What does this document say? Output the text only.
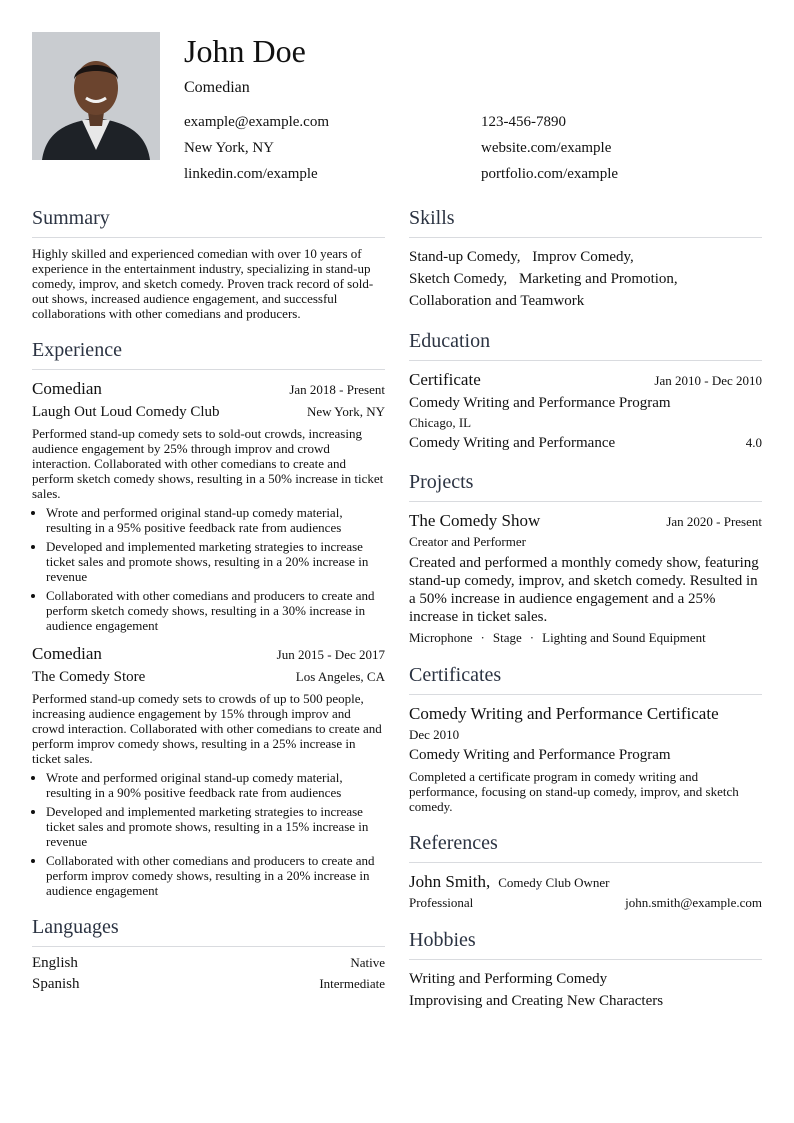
John Doe
Comedian
example@example.com	123-456-7890
New York, NY	website.com/example
linkedin.com/example	portfolio.com/example
Summary
Highly skilled and experienced comedian with over 10 years of experience in the entertainment industry, specializing in stand-up comedy, improv, and sketch comedy. Proven track record of sold-out shows, increased audience engagement, and successful collaborations with other comedians and producers.
Experience
Comedian	Jan 2018 - Present
Laugh Out Loud Comedy Club	New York, NY
Performed stand-up comedy sets to sold-out crowds, increasing audience engagement by 25% through improv and crowd interaction. Collaborated with other comedians to create and perform sketch comedy shows, resulting in a 50% increase in ticket sales.
• Wrote and performed original stand-up comedy material, resulting in a 95% positive feedback rate from audiences
• Developed and implemented marketing strategies to increase ticket sales and promote shows, resulting in a 20% increase in revenue
• Collaborated with other comedians and producers to create and perform sketch comedy shows, resulting in a 30% increase in audience engagement
Comedian	Jun 2015 - Dec 2017
The Comedy Store	Los Angeles, CA
Performed stand-up comedy sets to crowds of up to 500 people, increasing audience engagement by 15% through improv and crowd interaction. Collaborated with other comedians to create and perform improv comedy shows, resulting in a 25% increase in ticket sales.
• Wrote and performed original stand-up comedy material, resulting in a 90% positive feedback rate from audiences
• Developed and implemented marketing strategies to increase ticket sales and promote shows, resulting in a 15% increase in revenue
• Collaborated with other comedians and producers to create and perform improv comedy shows, resulting in a 20% increase in audience engagement
Languages
English	Native
Spanish	Intermediate
Skills
Stand-up Comedy, Improv Comedy,
Sketch Comedy, Marketing and Promotion,
Collaboration and Teamwork
Education
Certificate	Jan 2010 - Dec 2010
Comedy Writing and Performance Program
Chicago, IL
Comedy Writing and Performance	4.0
Projects
The Comedy Show	Jan 2020 - Present
Creator and Performer
Created and performed a monthly comedy show, featuring stand-up comedy, improv, and sketch comedy. Resulted in a 50% increase in audience engagement and a 25% increase in ticket sales.
Microphone · Stage · Lighting and Sound Equipment
Certificates
Comedy Writing and Performance Certificate
Dec 2010
Comedy Writing and Performance Program
Completed a certificate program in comedy writing and performance, focusing on stand-up comedy, improv, and sketch comedy.
References
John Smith, Comedy Club Owner
Professional	john.smith@example.com
Hobbies
Writing and Performing Comedy
Improvising and Creating New Characters
